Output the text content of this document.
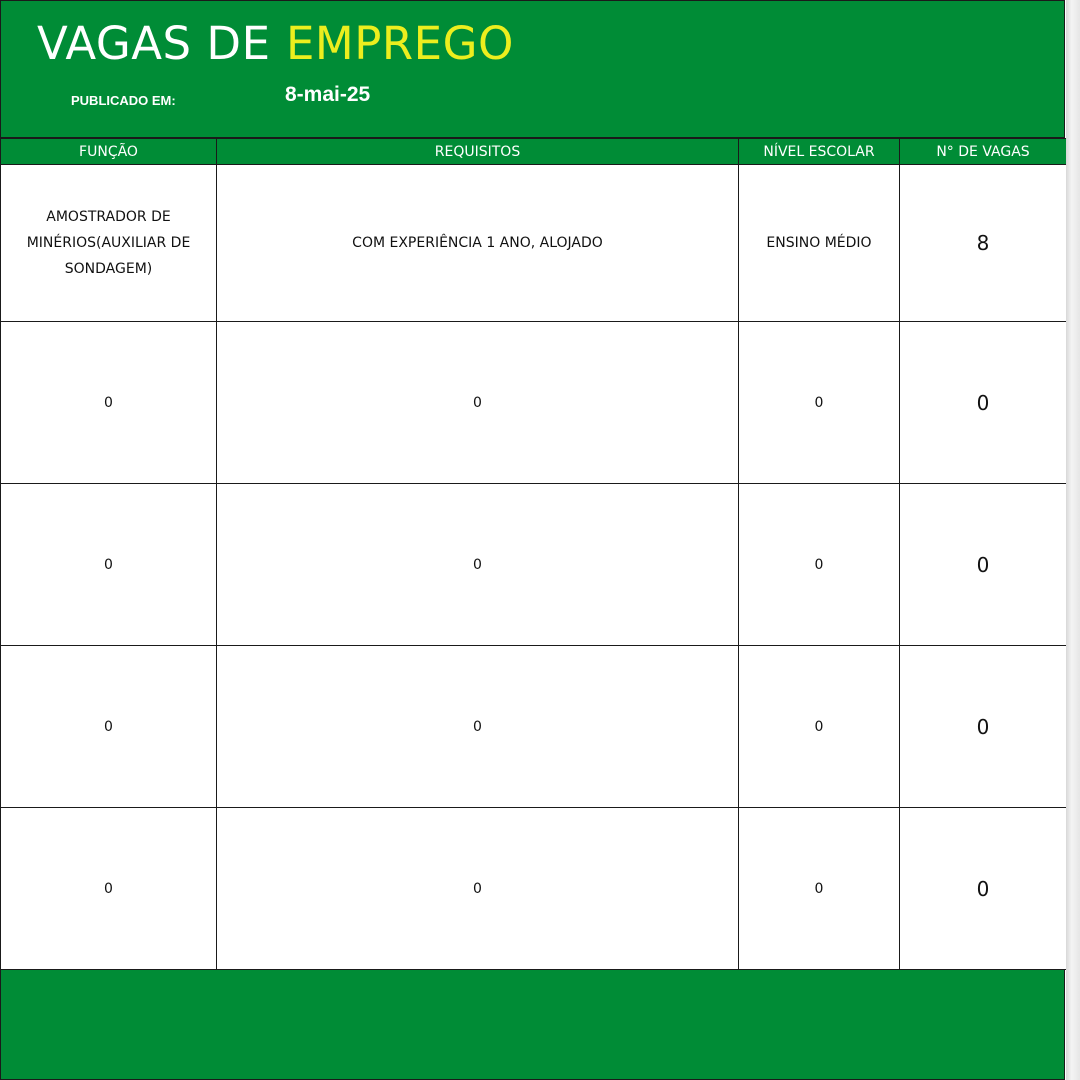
VAGAS DE EMPREGO
PUBLICADO EM:	8-mai-25
FUNÇÃO	REQUISITOS	NÍVEL ESCOLAR	N° DE VAGAS
AMOSTRADOR DE MINÉRIOS(AUXILIAR DE SONDAGEM)	COM EXPERIÊNCIA 1 ANO, ALOJADO	ENSINO MÉDIO	8
0	0	0	0
0	0	0	0
0	0	0	0
0	0	0	0
